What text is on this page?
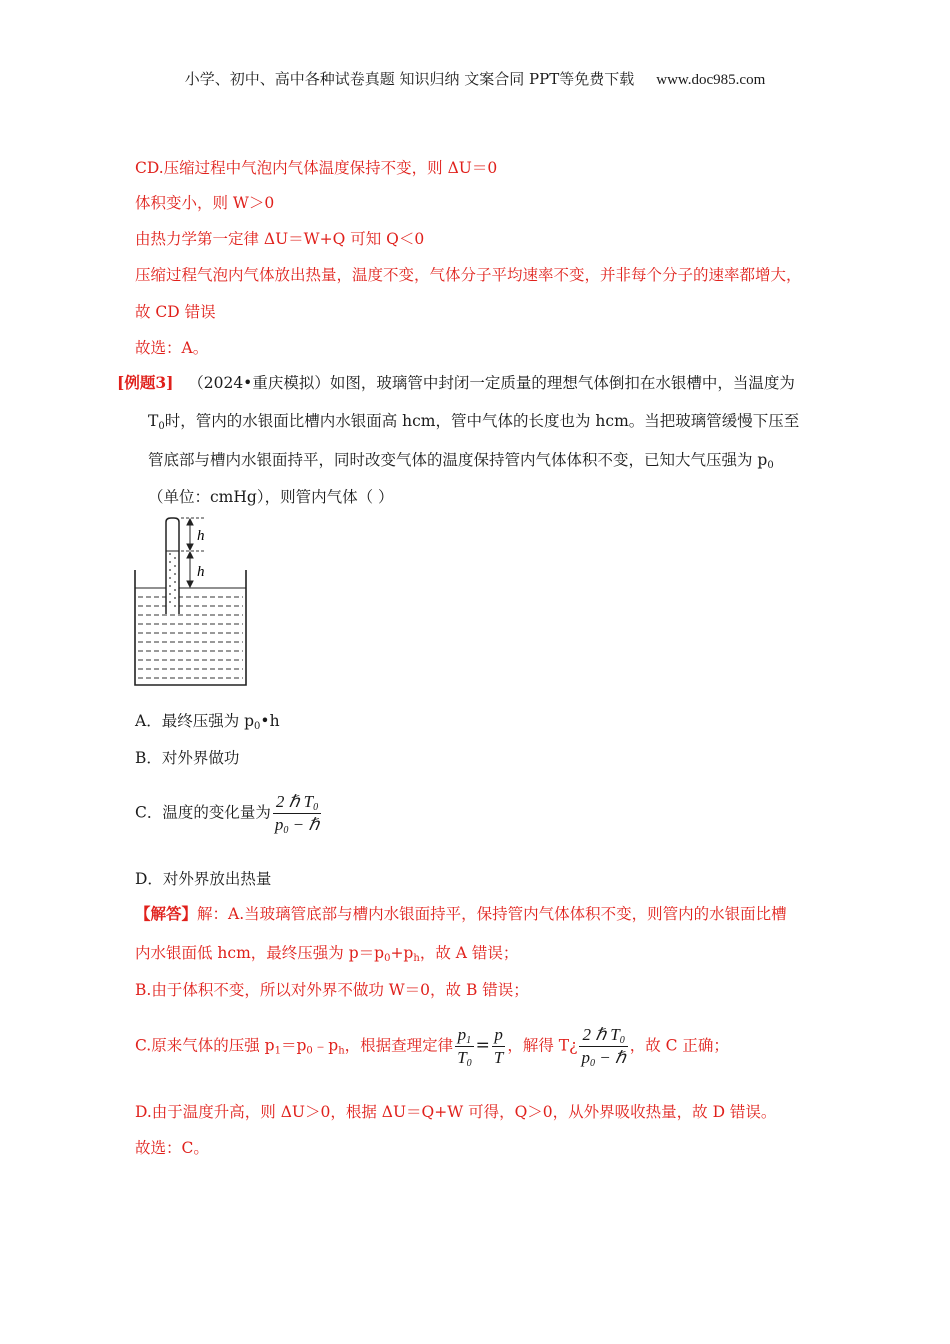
小学、初中、高中各种试卷真题 知识归纳 文案合同 PPT等免费下载 www.doc985.com
CD.压缩过程中气泡内气体温度保持不变，则 ΔU＝0
体积变小，则 W＞0
由热力学第一定律 ΔU＝W+Q 可知 Q＜0
压缩过程气泡内气体放出热量，温度不变，气体分子平均速率不变，并非每个分子的速率都增大，
故 CD 错误
故选：A。
[例题3] （2024•重庆模拟）如图，玻璃管中封闭一定质量的理想气体倒扣在水银槽中，当温度为
$T_0$时，管内的水银面比槽内水银面高 hcm，管中气体的长度也为 hcm。当把玻璃管缓慢下压至
管底部与槽内水银面持平，同时改变气体的温度保持管内气体体积不变，已知大气压强为 $p_0$
（单位：cmHg），则管内气体（ ）
h
h
A．最终压强为 $p_0•h$
B．对外界做功
C．温度的变化量为 $\frac{2 \hbar T_0}{p_0 - \hbar}$
D．对外界放出热量
【解答】解：A.当玻璃管底部与槽内水银面持平，保持管内气体体积不变，则管内的水银面比槽
内水银面低 hcm，最终压强为 $p=p_0+p_h$，故 A 错误；
B.由于体积不变，所以对外界不做功 W＝0，故 B 错误；
C.原来气体的压强 $p_1=p_0﹣p_h$，根据查理定律 $\frac{p_1}{T_0} = \frac{p}{T}$ ，解得 T¿ $\frac{2 \hbar T_0}{p_0 - \hbar}$ ，故 C 正确；
D.由于温度升高，则 ΔU＞0，根据 ΔU＝Q+W 可得，Q＞0，从外界吸收热量，故 D 错误。
故选：C。
